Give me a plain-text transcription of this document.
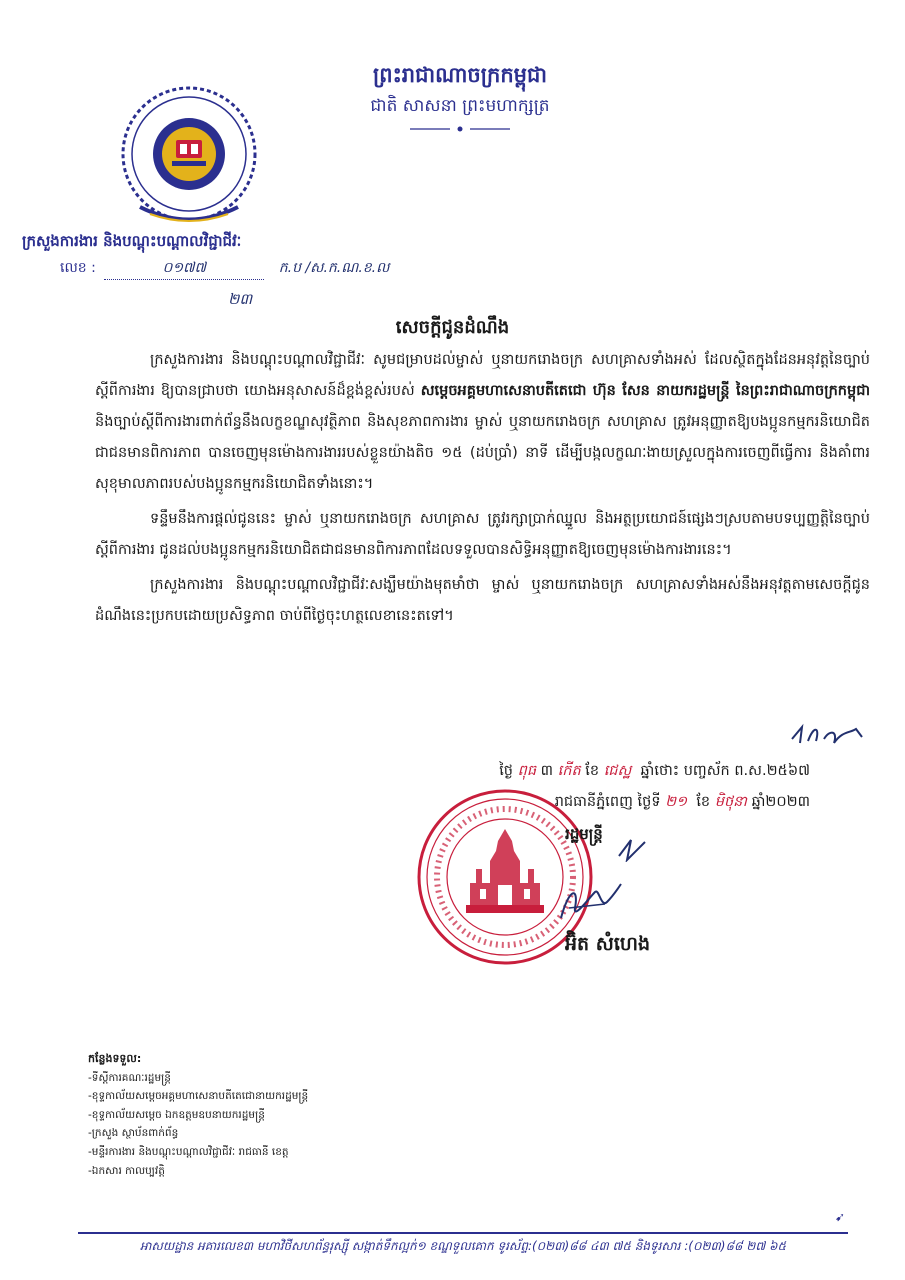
ព្រះរាជាណាចក្រកម្ពុជា
ជាតិ សាសនា ព្រះមហាក្សត្រ
ក្រសួងការងារ និងបណ្តុះបណ្តាលវិជ្ជាជីវៈ
លេខ :	០១៧៧	ក.ប /ស.ក.ណ.ខ.ល
២៣
សេចក្តីជូនដំណឹង

ក្រសួងការងារ និងបណ្តុះបណ្តាលវិជ្ជាជីវៈ សូមជម្រាបដល់ម្ចាស់ ឬនាយករោងចក្រ សហគ្រាសទាំងអស់ ដែលស្ថិតក្នុងដែនអនុវត្តនៃច្បាប់ស្តីពីការងារ ឱ្យបានជ្រាបថា យោងអនុសាសន៍ដ៏ខ្ពង់ខ្ពស់របស់ សម្តេចអគ្គមហាសេនាបតីតេជោ ហ៊ុន សែន នាយករដ្ឋមន្ត្រី នៃព្រះរាជាណាចក្រកម្ពុជា និងច្បាប់ស្តីពីការងារពាក់ព័ន្ធនឹងលក្ខខណ្ឌសុវត្ថិភាព និងសុខភាពការងារ ម្ចាស់ ឬនាយករោងចក្រ សហគ្រាស ត្រូវអនុញ្ញាតឱ្យបងប្អូនកម្មករនិយោជិតជាជនមានពិការភាព បានចេញមុនម៉ោងការងាររបស់ខ្លួនយ៉ាងតិច ១៥ (ដប់ប្រាំ) នាទី ដើម្បីបង្កលក្ខណៈងាយស្រួលក្នុងការចេញពីធ្វើការ និងគាំពារសុខុមាលភាពរបស់បងប្អូនកម្មករនិយោជិតទាំងនោះ។

ទន្ទឹមនឹងការផ្តល់ជូននេះ ម្ចាស់ ឬនាយករោងចក្រ សហគ្រាស ត្រូវរក្សាប្រាក់ឈ្នួល និងអត្ថប្រយោជន៍ផ្សេងៗស្របតាមបទប្បញ្ញត្តិនៃច្បាប់ស្តីពីការងារ ជូនដល់បងប្អូនកម្មករនិយោជិតជាជនមានពិការភាពដែលទទួលបានសិទ្ធិអនុញ្ញាតឱ្យចេញមុនម៉ោងការងារនេះ។

ក្រសួងការងារ និងបណ្តុះបណ្តាលវិជ្ជាជីវៈសង្ឃឹមយ៉ាងមុតមាំថា ម្ចាស់ ឬនាយករោងចក្រ សហគ្រាសទាំងអស់នឹងអនុវត្តតាមសេចក្តីជូនដំណឹងនេះប្រកបដោយប្រសិទ្ធភាព ចាប់ពីថ្ងៃចុះហត្ថលេខានេះតទៅ។

ថ្ងៃ ពុធ ៣ កើត ខែ ជេស្ឋ ឆ្នាំថោះ បញ្ចស័ក ព.ស.២៥៦៧
រាជធានីភ្នំពេញ ថ្ងៃទី ២១ ខែ មិថុនា ឆ្នាំ២០២៣
រដ្ឋមន្ត្រី
អ៊ិត សំហេង
កន្លែងទទួល:
-ទីស្តីការគណៈរដ្ឋមន្ត្រី
-ខុទ្ទកាល័យសម្តេចអគ្គមហាសេនាបតីតេជោនាយករដ្ឋមន្ត្រី
-ខុទ្ទកាល័យសម្តេច ឯកឧត្តមឧបនាយករដ្ឋមន្ត្រី
-ក្រសួង ស្ថាប័នពាក់ព័ន្ធ
-មន្ទីរការងារ និងបណ្តុះបណ្តាលវិជ្ជាជីវៈ រាជធានី ខេត្ត
-ឯកសារ កាលប្បវត្តិ
➹
អាសយដ្ឋាន អគារលេខ៣ មហាវិថីសហព័ន្ធរុស្ស៊ី សង្កាត់ទឹកល្អក់១ ខណ្ឌទួលគោក ទូរស័ព្ទ:(០២៣)៨៨ ៤៣ ៧៥ និងទូរសារ :(០២៣)៨៨ ២៧ ៦៥
